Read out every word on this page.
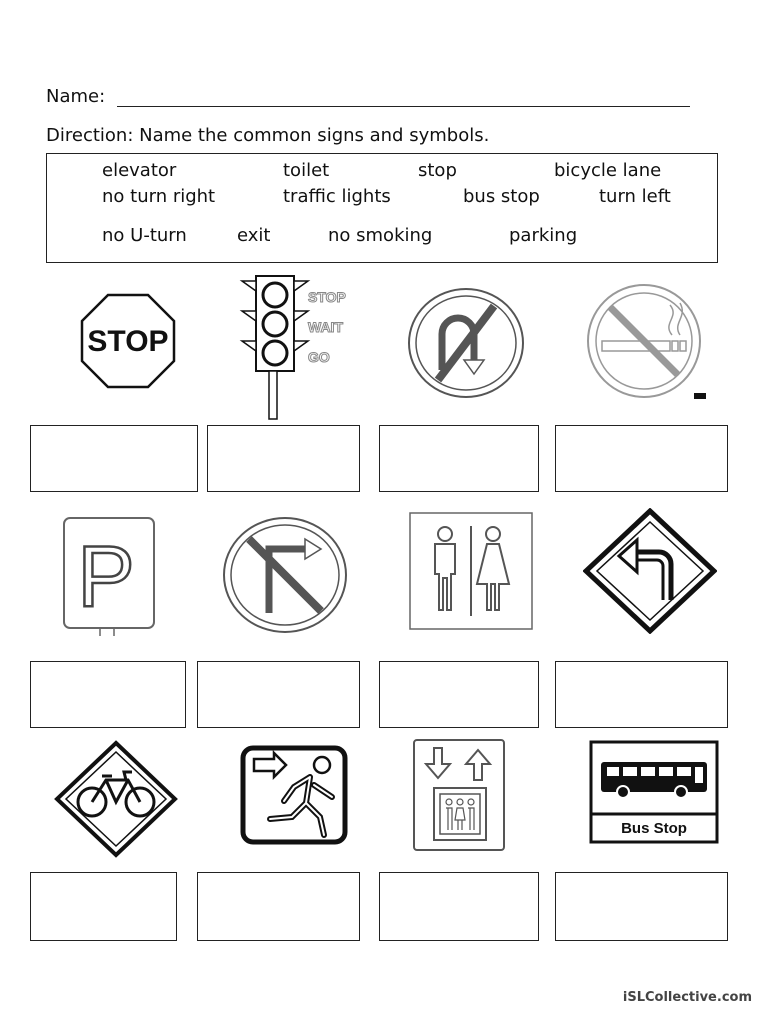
Name:
Direction: Name the common signs and symbols.
elevator	toilet	stop	bicycle lane
no turn right	traffic lights	bus stop	turn left
no U-turn	exit	no smoking	parking
STOP
STOP
WAIT
GO
P
Bus Stop
iSLCollective.com
